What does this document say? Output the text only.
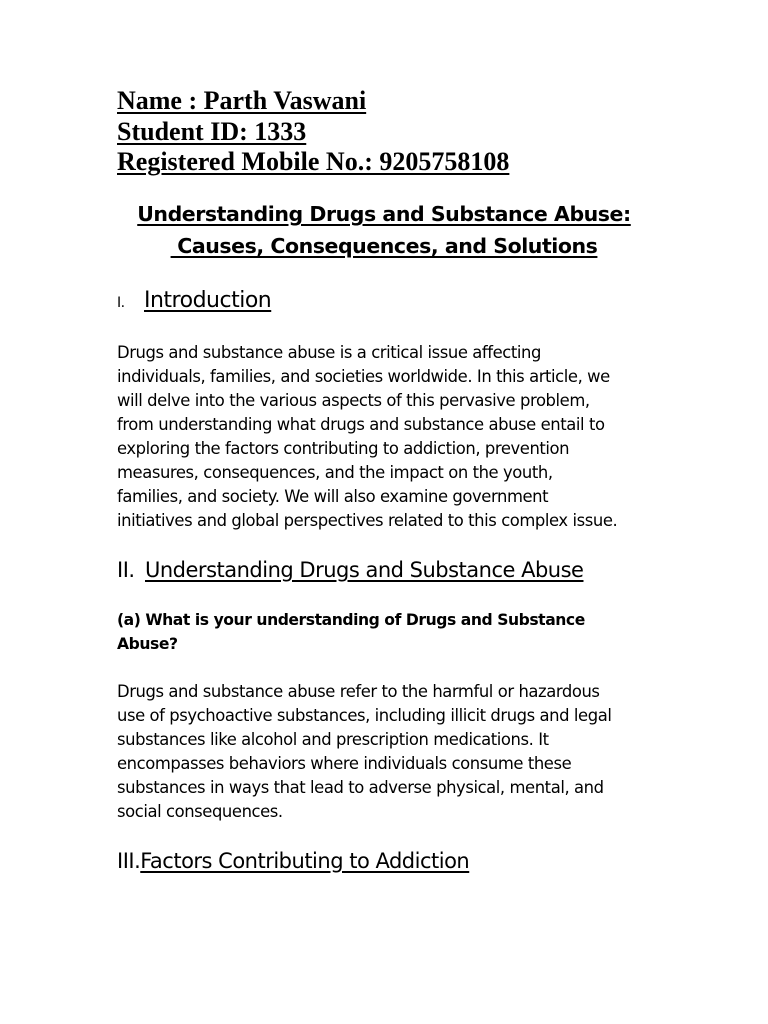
Name : Parth Vaswani
Student ID: 1333
Registered Mobile No.: 9205758108
Understanding Drugs and Substance Abuse:
Causes, Consequences, and Solutions
I. Introduction
Drugs and substance abuse is a critical issue affecting
individuals, families, and societies worldwide. In this article, we
will delve into the various aspects of this pervasive problem,
from understanding what drugs and substance abuse entail to
exploring the factors contributing to addiction, prevention
measures, consequences, and the impact on the youth,
families, and society. We will also examine government
initiatives and global perspectives related to this complex issue.
II. Understanding Drugs and Substance Abuse
(a) What is your understanding of Drugs and Substance
Abuse?
Drugs and substance abuse refer to the harmful or hazardous
use of psychoactive substances, including illicit drugs and legal
substances like alcohol and prescription medications. It
encompasses behaviors where individuals consume these
substances in ways that lead to adverse physical, mental, and
social consequences.
III.Factors Contributing to Addiction
